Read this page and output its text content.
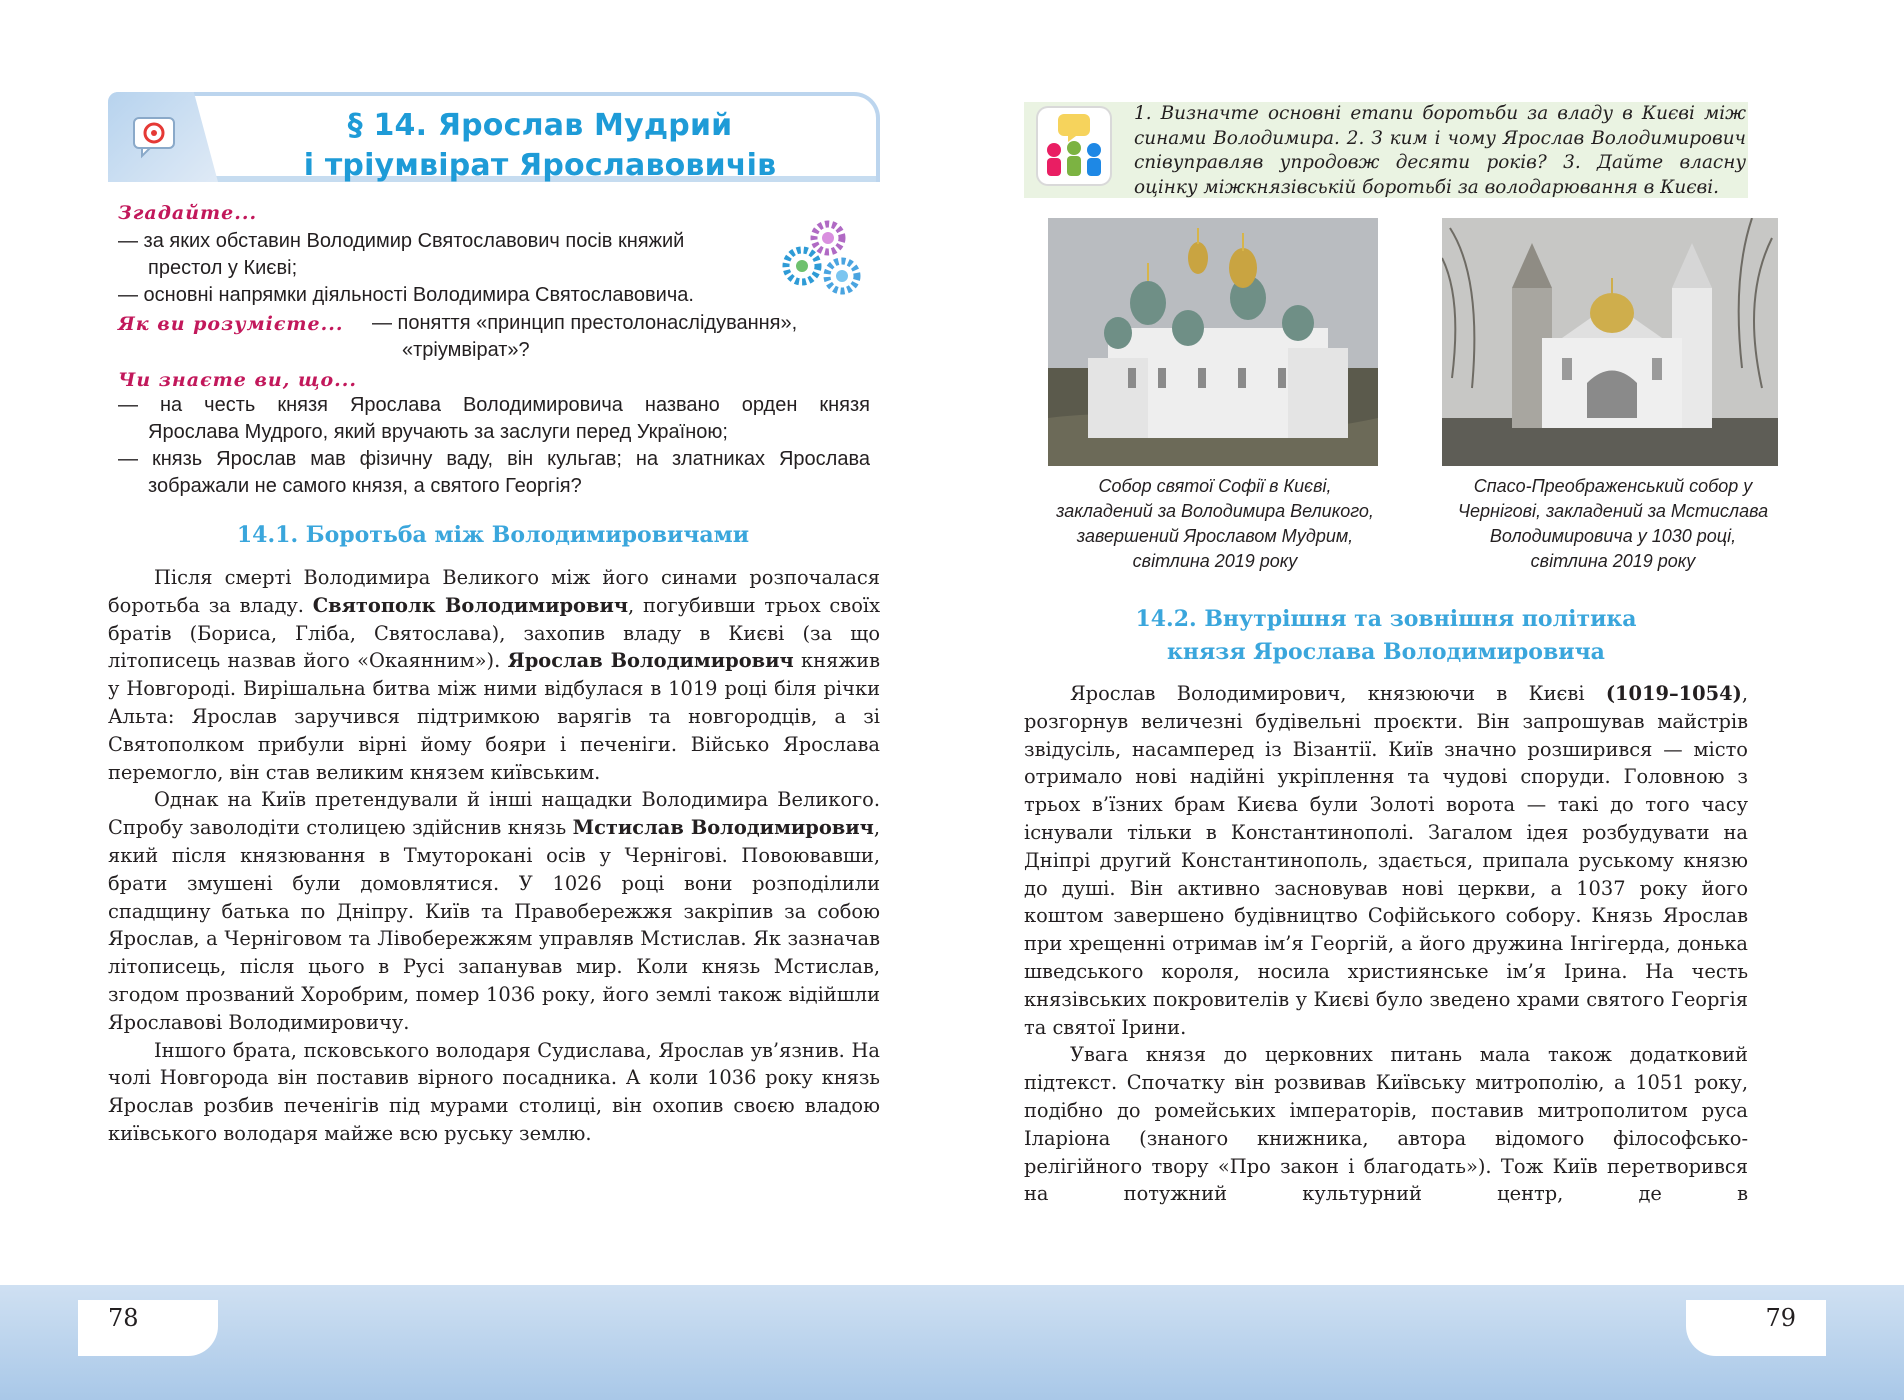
§ 14. Ярослав Мудрий
і тріумвірат Ярославовичів
Згадайте...
— за яких обставин Володимир Святославович посів княжий
престол у Києві;
— основні напрямки діяльності Володимира Святославовича.
Як ви розумієте... — поняття «принцип престолонаслідування»,
«тріумвірат»?
Чи знаєте ви, що...
— на честь князя Ярослава Володимировича названо орден князя
Ярослава Мудрого, який вручають за заслуги перед Україною;
— князь Ярослав мав фізичну ваду, він кульгав; на златниках Ярослава
зображали не самого князя, а святого Георгія?
14.1. Боротьба між Володимировичами

Після смерті Володимира Великого між його синами розпочалася боротьба за владу. Святополк Володимирович, погубивши трьох своїх братів (Бориса, Гліба, Святослава), захопив владу в Києві (за що літописець назвав його «Окаянним»). Ярослав Володимирович княжив у Новгороді. Вирішальна битва між ними відбулася в 1019 році біля річки Альта: Ярослав заручився підтримкою варягів та новгородців, а зі Святополком прибули вірні йому бояри і печеніги. Військо Ярослава перемогло, він став великим князем київським.

Однак на Київ претендували й інші нащадки Володимира Великого. Спробу заволодіти столицею здійснив князь Мстислав Володимирович, який після князювання в Тмуторокані осів у Чернігові. Повоювавши, брати змушені були домовлятися. У 1026 році вони розподілили спадщину батька по Дніпру. Київ та Правобережжя закріпив за собою Ярослав, а Черніговом та Лівобережжям управляв Мстислав. Як зазначав літописець, після цього в Русі запанував мир. Коли князь Мстислав, згодом прозваний Хоробрим, помер 1036 року, його землі також відійшли Ярославові Володимировичу.

Іншого брата, псковського володаря Судислава, Ярослав ув’язнив. На чолі Новгорода він поставив вірного посадника. А коли 1036 року князь Ярослав розбив печенігів під мурами столиці, він охопив своєю владою київського володаря майже всю руську землю.

78
1. Визначте основні етапи боротьби за владу в Києві між синами Володимира. 2. З ким і чому Ярослав Володимирович співуправляв упродовж десяти років? 3. Дайте власну оцінку міжкнязівській боротьбі за володарювання в Києві.
Собор святої Софії в Києві,
закладений за Володимира Великого,
завершений Ярославом Мудрим,
світлина 2019 року
Спасо-Преображенський собор у
Чернігові, закладений за Мстислава
Володимировича у 1030 році,
світлина 2019 року
14.2. Внутрішня та зовнішня політика
князя Ярослава Володимировича

Ярослав Володимирович, князюючи в Києві (1019–1054), розгорнув величезні будівельні проєкти. Він запрошував майстрів звідусіль, насамперед із Візантії. Київ значно розширився — місто отримало нові надійні укріплення та чудові споруди. Головною з трьох в’їзних брам Києва були Золоті ворота — такі до того часу існували тільки в Константинополі. Загалом ідея розбудувати на Дніпрі другий Константинополь, здається, припала руському князю до душі. Він активно засновував нові церкви, а 1037 року його коштом завершено будівництво Софійського собору. Князь Ярослав при хрещенні отримав ім’я Георгій, а його дружина Інгігерда, донька шведського короля, носила християнське ім’я Ірина. На честь князівських покровителів у Києві було зведено храми святого Георгія та святої Ірини.

Увага князя до церковних питань мала також додатковий підтекст. Спочатку він розвивав Київську митрополію, а 1051 року, подібно до ромейських імператорів, поставив митрополитом руса Іларіона (знаного книжника, автора відомого філософсько-релігійного твору «Про закон і благодать»). Тож Київ перетворився на потужний культурний центр, де в

79
